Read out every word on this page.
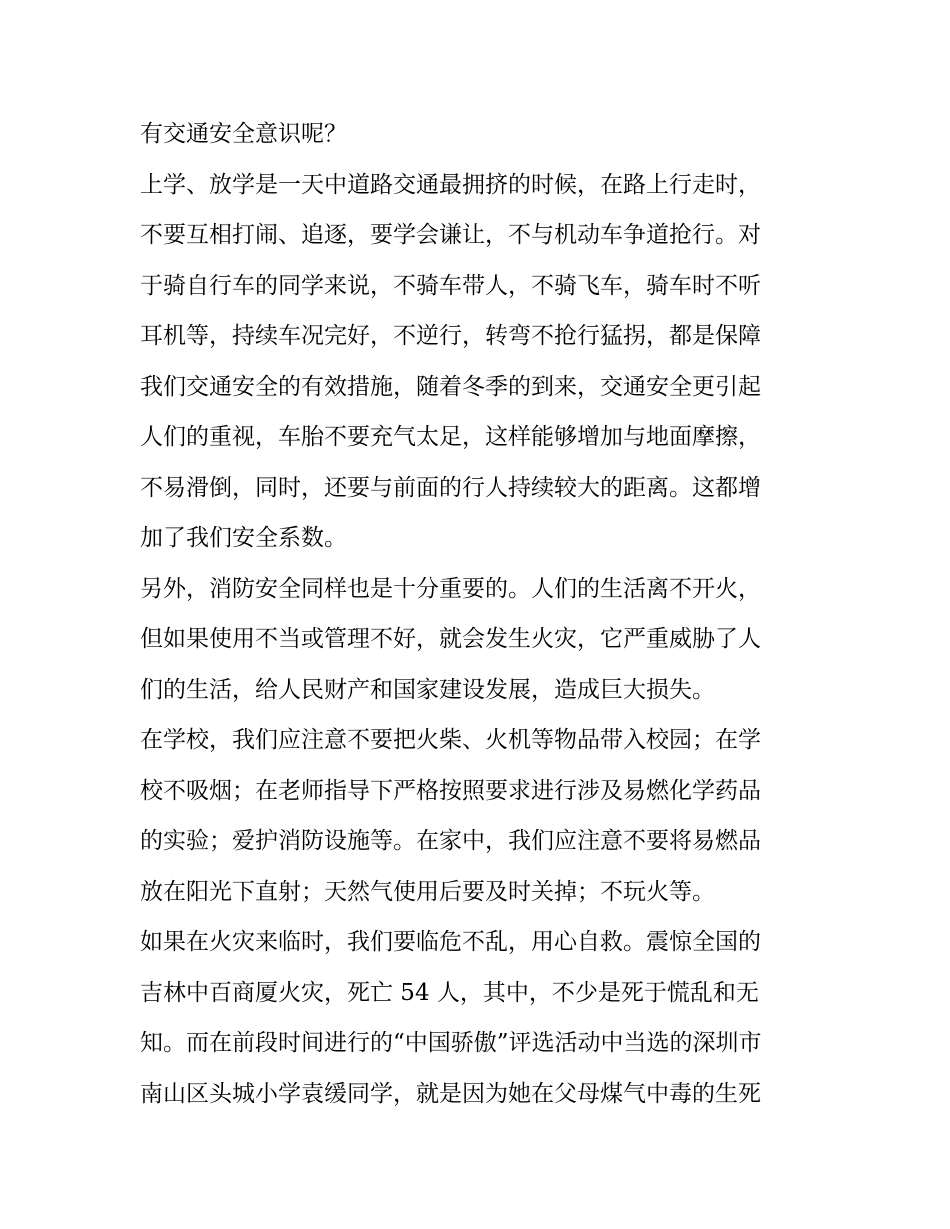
有交通安全意识呢？
上学、放学是一天中道路交通最拥挤的时候，在路上行走时，
不要互相打闹、追逐，要学会谦让，不与机动车争道抢行。对
于骑自行车的同学来说，不骑车带人，不骑飞车，骑车时不听
耳机等，持续车况完好，不逆行，转弯不抢行猛拐，都是保障
我们交通安全的有效措施，随着冬季的到来，交通安全更引起
人们的重视，车胎不要充气太足，这样能够增加与地面摩擦，
不易滑倒，同时，还要与前面的行人持续较大的距离。这都增
加了我们安全系数。
另外，消防安全同样也是十分重要的。人们的生活离不开火，
但如果使用不当或管理不好，就会发生火灾，它严重威胁了人
们的生活，给人民财产和国家建设发展，造成巨大损失。
在学校，我们应注意不要把火柴、火机等物品带入校园；在学
校不吸烟；在老师指导下严格按照要求进行涉及易燃化学药品
的实验；爱护消防设施等。在家中，我们应注意不要将易燃品
放在阳光下直射；天然气使用后要及时关掉；不玩火等。
如果在火灾来临时，我们要临危不乱，用心自救。震惊全国的
吉林中百商厦火灾，死亡 54 人，其中，不少是死于慌乱和无
知。而在前段时间进行的“中国骄傲”评选活动中当选的深圳市
南山区头城小学袁缓同学，就是因为她在父母煤气中毒的生死
